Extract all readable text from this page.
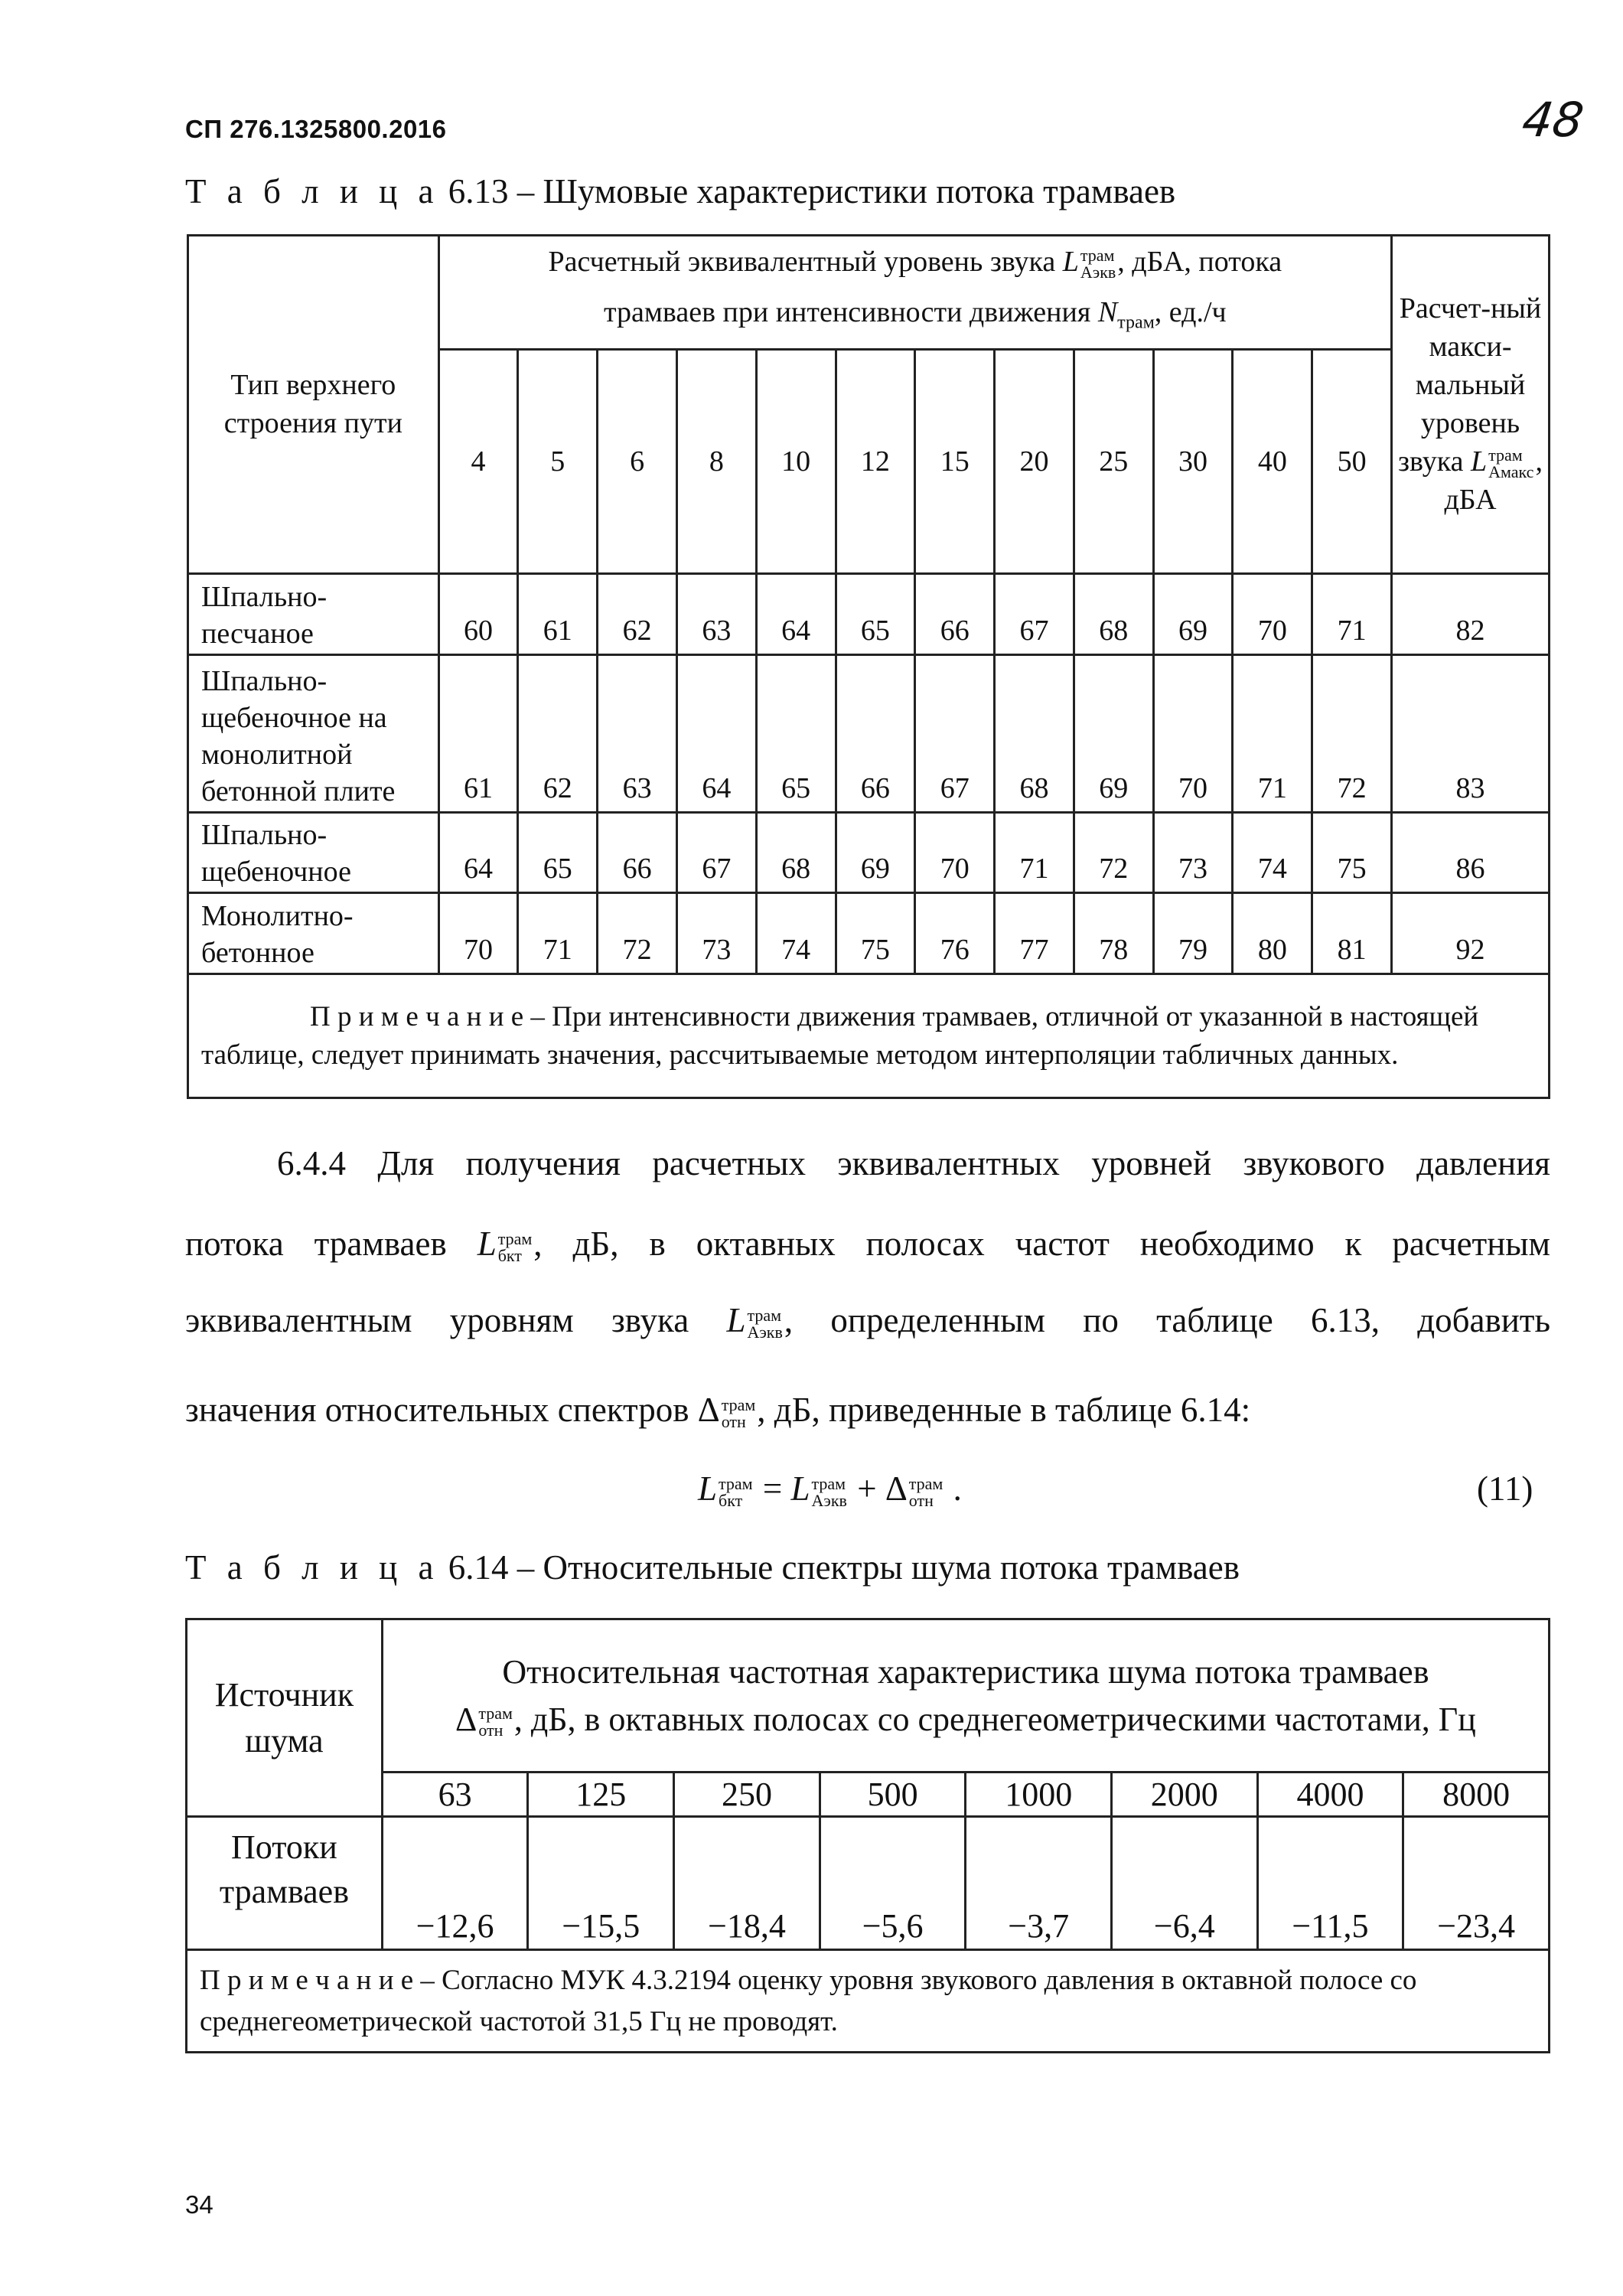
СП 276.1325800.2016	48
Т а б л и ц а 6.13 – Шумовые характеристики потока трамваев
Тип верхнего строения пути	Расчетный эквивалентный уровень звука L трам
Aэкв , дБА, потока
трамваев при интенсивности движения $N_{трам}$, ед./ч												Расчет-ный макси-мальный уровень звука L трам
Aмакс , дБА
	4	5	6	8	10	12	15	20	25	30	40	50	
Шпально-песчаное	60	61	62	63	64	65	66	67	68	69	70	71	82
Шпально-щебеночное на монолитной бетонной плите	61	62	63	64	65	66	67	68	69	70	71	72	83
Шпально-щебеночное	64	65	66	67	68	69	70	71	72	73	74	75	86
Монолитно-бетонное	70	71	72	73	74	75	76	77	78	79	80	81	92

П р и м е ч а н и е – При интенсивности движения трамваев, отличной от указанной в настоящей таблице, следует принимать значения, рассчитываемые методом интерполяции табличных данных.													
6.4.4 Для получения расчетных эквивалентных уровней звукового давления
потока трамваев L трам
бкт , дБ, в октавных полосах частот необходимо к расчетным
эквивалентным уровням звука L трам
Aэкв , определенным по таблице 6.13, добавить
значения относительных спектров Δ трам
отн , дБ, приведенные в таблице 6.14:
L трам
бкт = L трам
Aэкв + Δ трам
отн .	(11)
Т а б л и ц а 6.14 – Относительные спектры шума потока трамваев
Источник шума	Относительная частотная характеристика шума потока трамваев
Δ трам
отн , дБ, в октавных полосах со среднегеометрическими частотами, Гц							
	63	125	250	500	1000	2000	4000	8000
Потоки трамваев	−12,6	−15,5	−18,4	−5,6	−3,7	−6,4	−11,5	−23,4
П р и м е ч а н и е – Согласно МУК 4.3.2194 оценку уровня звукового давления в октавной полосе со среднегеометрической частотой 31,5 Гц не проводят.								
34
